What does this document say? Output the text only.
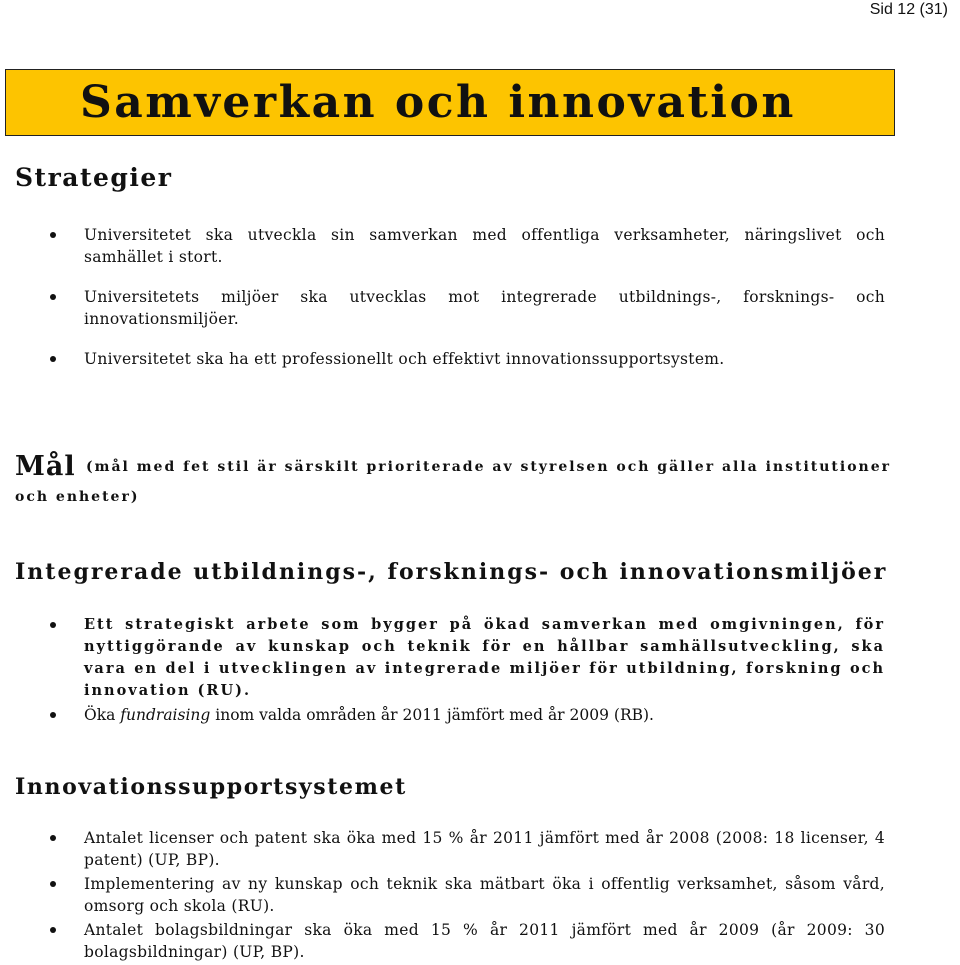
Sid 12 (31)
Samverkan och innovation
Strategier
Universitetet ska utveckla sin samverkan med offentliga verksamheter, näringslivet och samhället i stort.
Universitetets miljöer ska utvecklas mot integrerade utbildnings-, forsknings- och innovationsmiljöer.
Universitetet ska ha ett professionellt och effektivt innovationssupportsystem.
Mål (mål med fet stil är särskilt prioriterade av styrelsen och gäller alla institutioner
och enheter)
Integrerade utbildnings-, forsknings- och innovationsmiljöer
Ett strategiskt arbete som bygger på ökad samverkan med omgivningen, för nyttiggörande av kunskap och teknik för en hållbar samhällsutveckling, ska vara en del i utvecklingen av integrerade miljöer för utbildning, forskning och innovation (RU).
Öka fundraising inom valda områden år 2011 jämfört med år 2009 (RB).
Innovationssupportsystemet
Antalet licenser och patent ska öka med 15 % år 2011 jämfört med år 2008 (2008: 18 licenser, 4 patent) (UP, BP).
Implementering av ny kunskap och teknik ska mätbart öka i offentlig verksamhet, såsom vård, omsorg och skola (RU).
Antalet bolagsbildningar ska öka med 15 % år 2011 jämfört med år 2009 (år 2009: 30 bolagsbildningar) (UP, BP).
